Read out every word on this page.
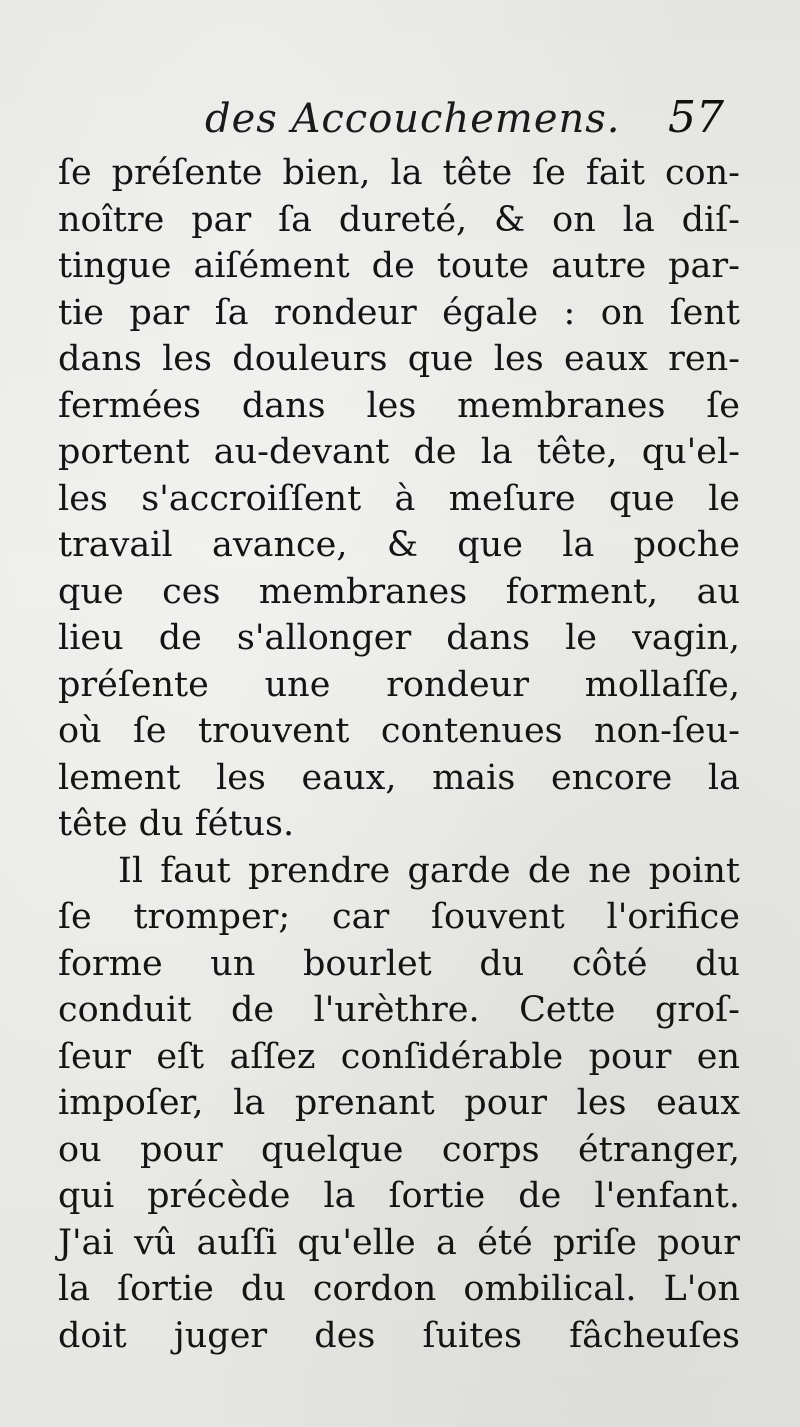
des Accouchemens. 57
ſe préſente bien, la tête ſe fait con-
noître par ſa dureté, & on la diſ-
tingue aiſément de toute autre par-
tie par ſa rondeur égale : on ſent
dans les douleurs que les eaux ren-
fermées dans les membranes ſe
portent au-devant de la tête, qu'el-
les s'accroiſſent à meſure que le
travail avance, & que la poche
que ces membranes forment, au
lieu de s'allonger dans le vagin,
préſente une rondeur mollaſſe,
où ſe trouvent contenues non-ſeu-
lement les eaux, mais encore la
tête du fétus.
Il faut prendre garde de ne point
ſe tromper; car ſouvent l'orifice
forme un bourlet du côté du
conduit de l'urèthre. Cette groſ-
ſeur eſt aſſez conſidérable pour en
impoſer, la prenant pour les eaux
ou pour quelque corps étranger,
qui précède la ſortie de l'enfant.
J'ai vû auſſi qu'elle a été priſe pour
la ſortie du cordon ombilical. L'on
doit juger des ſuites fâcheuſes
